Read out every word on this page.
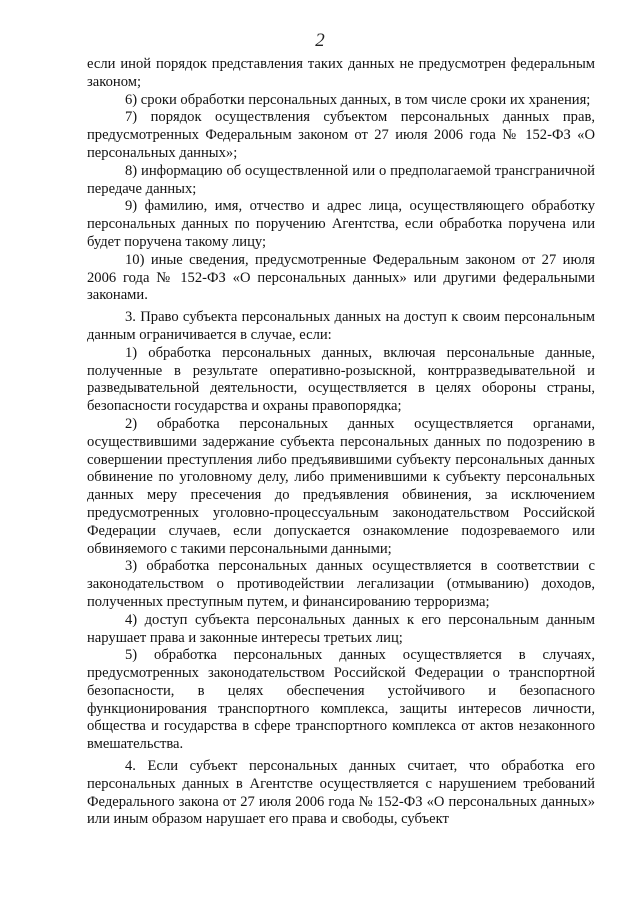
2

если иной порядок представления таких данных не предусмотрен федеральным законом;

6) сроки обработки персональных данных, в том числе сроки их хранения;

7) порядок осуществления субъектом персональных данных прав, предусмотренных Федеральным законом от 27 июля 2006 года № 152-ФЗ «О персональных данных»;

8) информацию об осуществленной или о предполагаемой трансграничной передаче данных;

9) фамилию, имя, отчество и адрес лица, осуществляющего обработку персональных данных по поручению Агентства, если обработка поручена или будет поручена такому лицу;

10) иные сведения, предусмотренные Федеральным законом от 27 июля 2006 года № 152-ФЗ «О персональных данных» или другими федеральными законами.

3. Право субъекта персональных данных на доступ к своим персональным данным ограничивается в случае, если:

1) обработка персональных данных, включая персональные данные, полученные в результате оперативно-розыскной, контрразведывательной и разведывательной деятельности, осуществляется в целях обороны страны, безопасности государства и охраны правопорядка;

2) обработка персональных данных осуществляется органами, осуществившими задержание субъекта персональных данных по подозрению в совершении преступления либо предъявившими субъекту персональных данных обвинение по уголовному делу, либо применившими к субъекту персональных данных меру пресечения до предъявления обвинения, за исключением предусмотренных уголовно-процессуальным законодательством Российской Федерации случаев, если допускается ознакомление подозреваемого или обвиняемого с такими персональными данными;

3) обработка персональных данных осуществляется в соответствии с законодательством о противодействии легализации (отмыванию) доходов, полученных преступным путем, и финансированию терроризма;

4) доступ субъекта персональных данных к его персональным данным нарушает права и законные интересы третьих лиц;

5) обработка персональных данных осуществляется в случаях, предусмотренных законодательством Российской Федерации о транспортной безопасности, в целях обеспечения устойчивого и безопасного функционирования транспортного комплекса, защиты интересов личности, общества и государства в сфере транспортного комплекса от актов незаконного вмешательства.

4. Если субъект персональных данных считает, что обработка его персональных данных в Агентстве осуществляется с нарушением требований Федерального закона от 27 июля 2006 года № 152-ФЗ «О персональных данных» или иным образом нарушает его права и свободы, субъект
